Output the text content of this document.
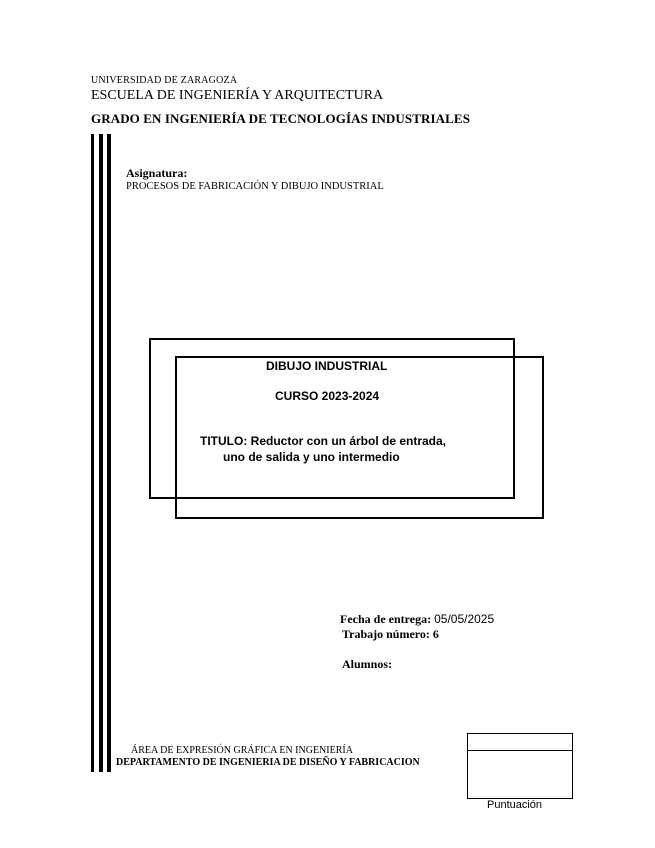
UNIVERSIDAD DE ZARAGOZA
ESCUELA DE INGENIERÍA Y ARQUITECTURA
GRADO EN INGENIERÍA DE TECNOLOGÍAS INDUSTRIALES
Asignatura:
PROCESOS DE FABRICACIÓN Y DIBUJO INDUSTRIAL
DIBUJO INDUSTRIAL
CURSO 2023-2024
TITULO: Reductor con un árbol de entrada,
uno de salida y uno intermedio
Fecha de entrega: 05/05/2025
Trabajo número: 6
Alumnos:
ÁREA DE EXPRESIÓN GRÁFICA EN INGENIERÍA
DEPARTAMENTO DE INGENIERIA DE DISEÑO Y FABRICACION
Puntuación
